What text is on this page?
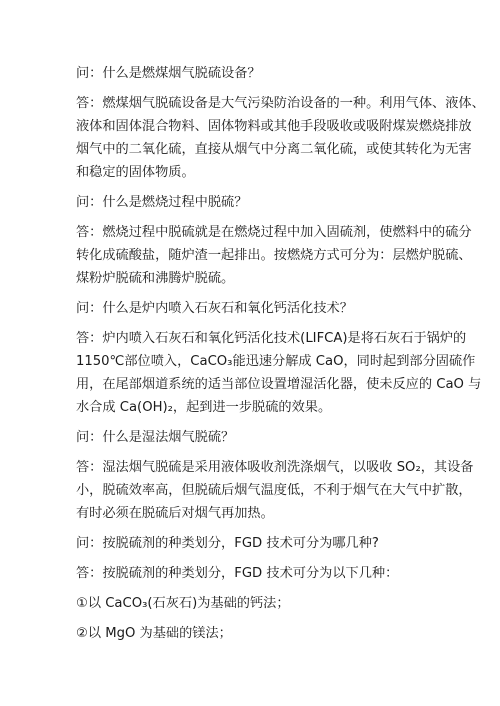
问：什么是燃煤烟气脱硫设备？

答：燃煤烟气脱硫设备是大气污染防治设备的一种。利用气体、液体、
液体和固体混合物料、固体物料或其他手段吸收或吸附煤炭燃烧排放
烟气中的二氧化硫，直接从烟气中分离二氧化硫，或使其转化为无害
和稳定的固体物质。

问：什么是燃烧过程中脱硫？

答：燃烧过程中脱硫就是在燃烧过程中加入固硫剂，使燃料中的硫分
转化成硫酸盐，随炉渣一起排出。按燃烧方式可分为：层燃炉脱硫、
煤粉炉脱硫和沸腾炉脱硫。

问：什么是炉内喷入石灰石和氧化钙活化技术？

答：炉内喷入石灰石和氧化钙活化技术(LIFCA)是将石灰石于锅炉的
1150℃部位喷入，CaCO₃能迅速分解成 CaO，同时起到部分固硫作
用，在尾部烟道系统的适当部位设置增湿活化器，使未反应的 CaO 与
水合成 Ca(OH)₂，起到进一步脱硫的效果。

问：什么是湿法烟气脱硫？

答：湿法烟气脱硫是采用液体吸收剂洗涤烟气，以吸收 SO₂，其设备
小，脱硫效率高，但脱硫后烟气温度低，不利于烟气在大气中扩散，
有时必须在脱硫后对烟气再加热。

问：按脱硫剂的种类划分，FGD 技术可分为哪几种?

答：按脱硫剂的种类划分，FGD 技术可分为以下几种：

①以 CaCO₃(石灰石)为基础的钙法；

②以 MgO 为基础的镁法；
